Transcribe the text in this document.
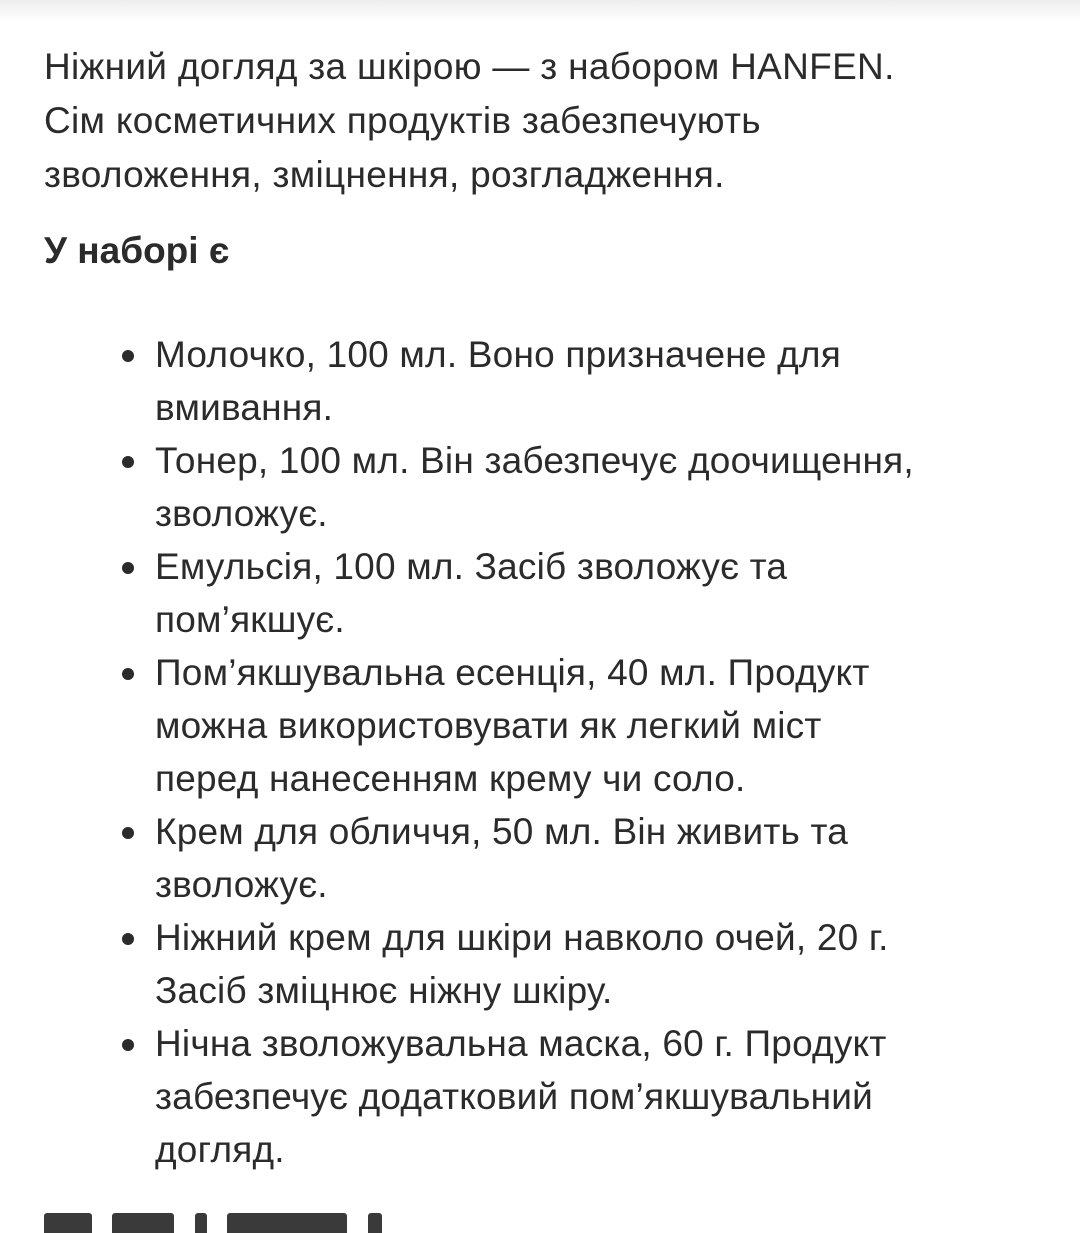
Ніжний догляд за шкірою — з набором HANFEN.
Сім косметичних продуктів забезпечують
зволоження, зміцнення, розгладження.

У наборі є
Молочко, 100 мл. Воно призначене для
вмивання.
Тонер, 100 мл. Він забезпечує доочищення,
зволожує.
Емульсія, 100 мл. Засіб зволожує та
пом’якшує.
Пом’якшувальна есенція, 40 мл. Продукт
можна використовувати як легкий міст
перед нанесенням крему чи соло.
Крем для обличчя, 50 мл. Він живить та
зволожує.
Ніжний крем для шкіри навколо очей, 20 г.
Засіб зміцнює ніжну шкіру.
Нічна зволожувальна маска, 60 г. Продукт
забезпечує додатковий пом’якшувальний
догляд.
